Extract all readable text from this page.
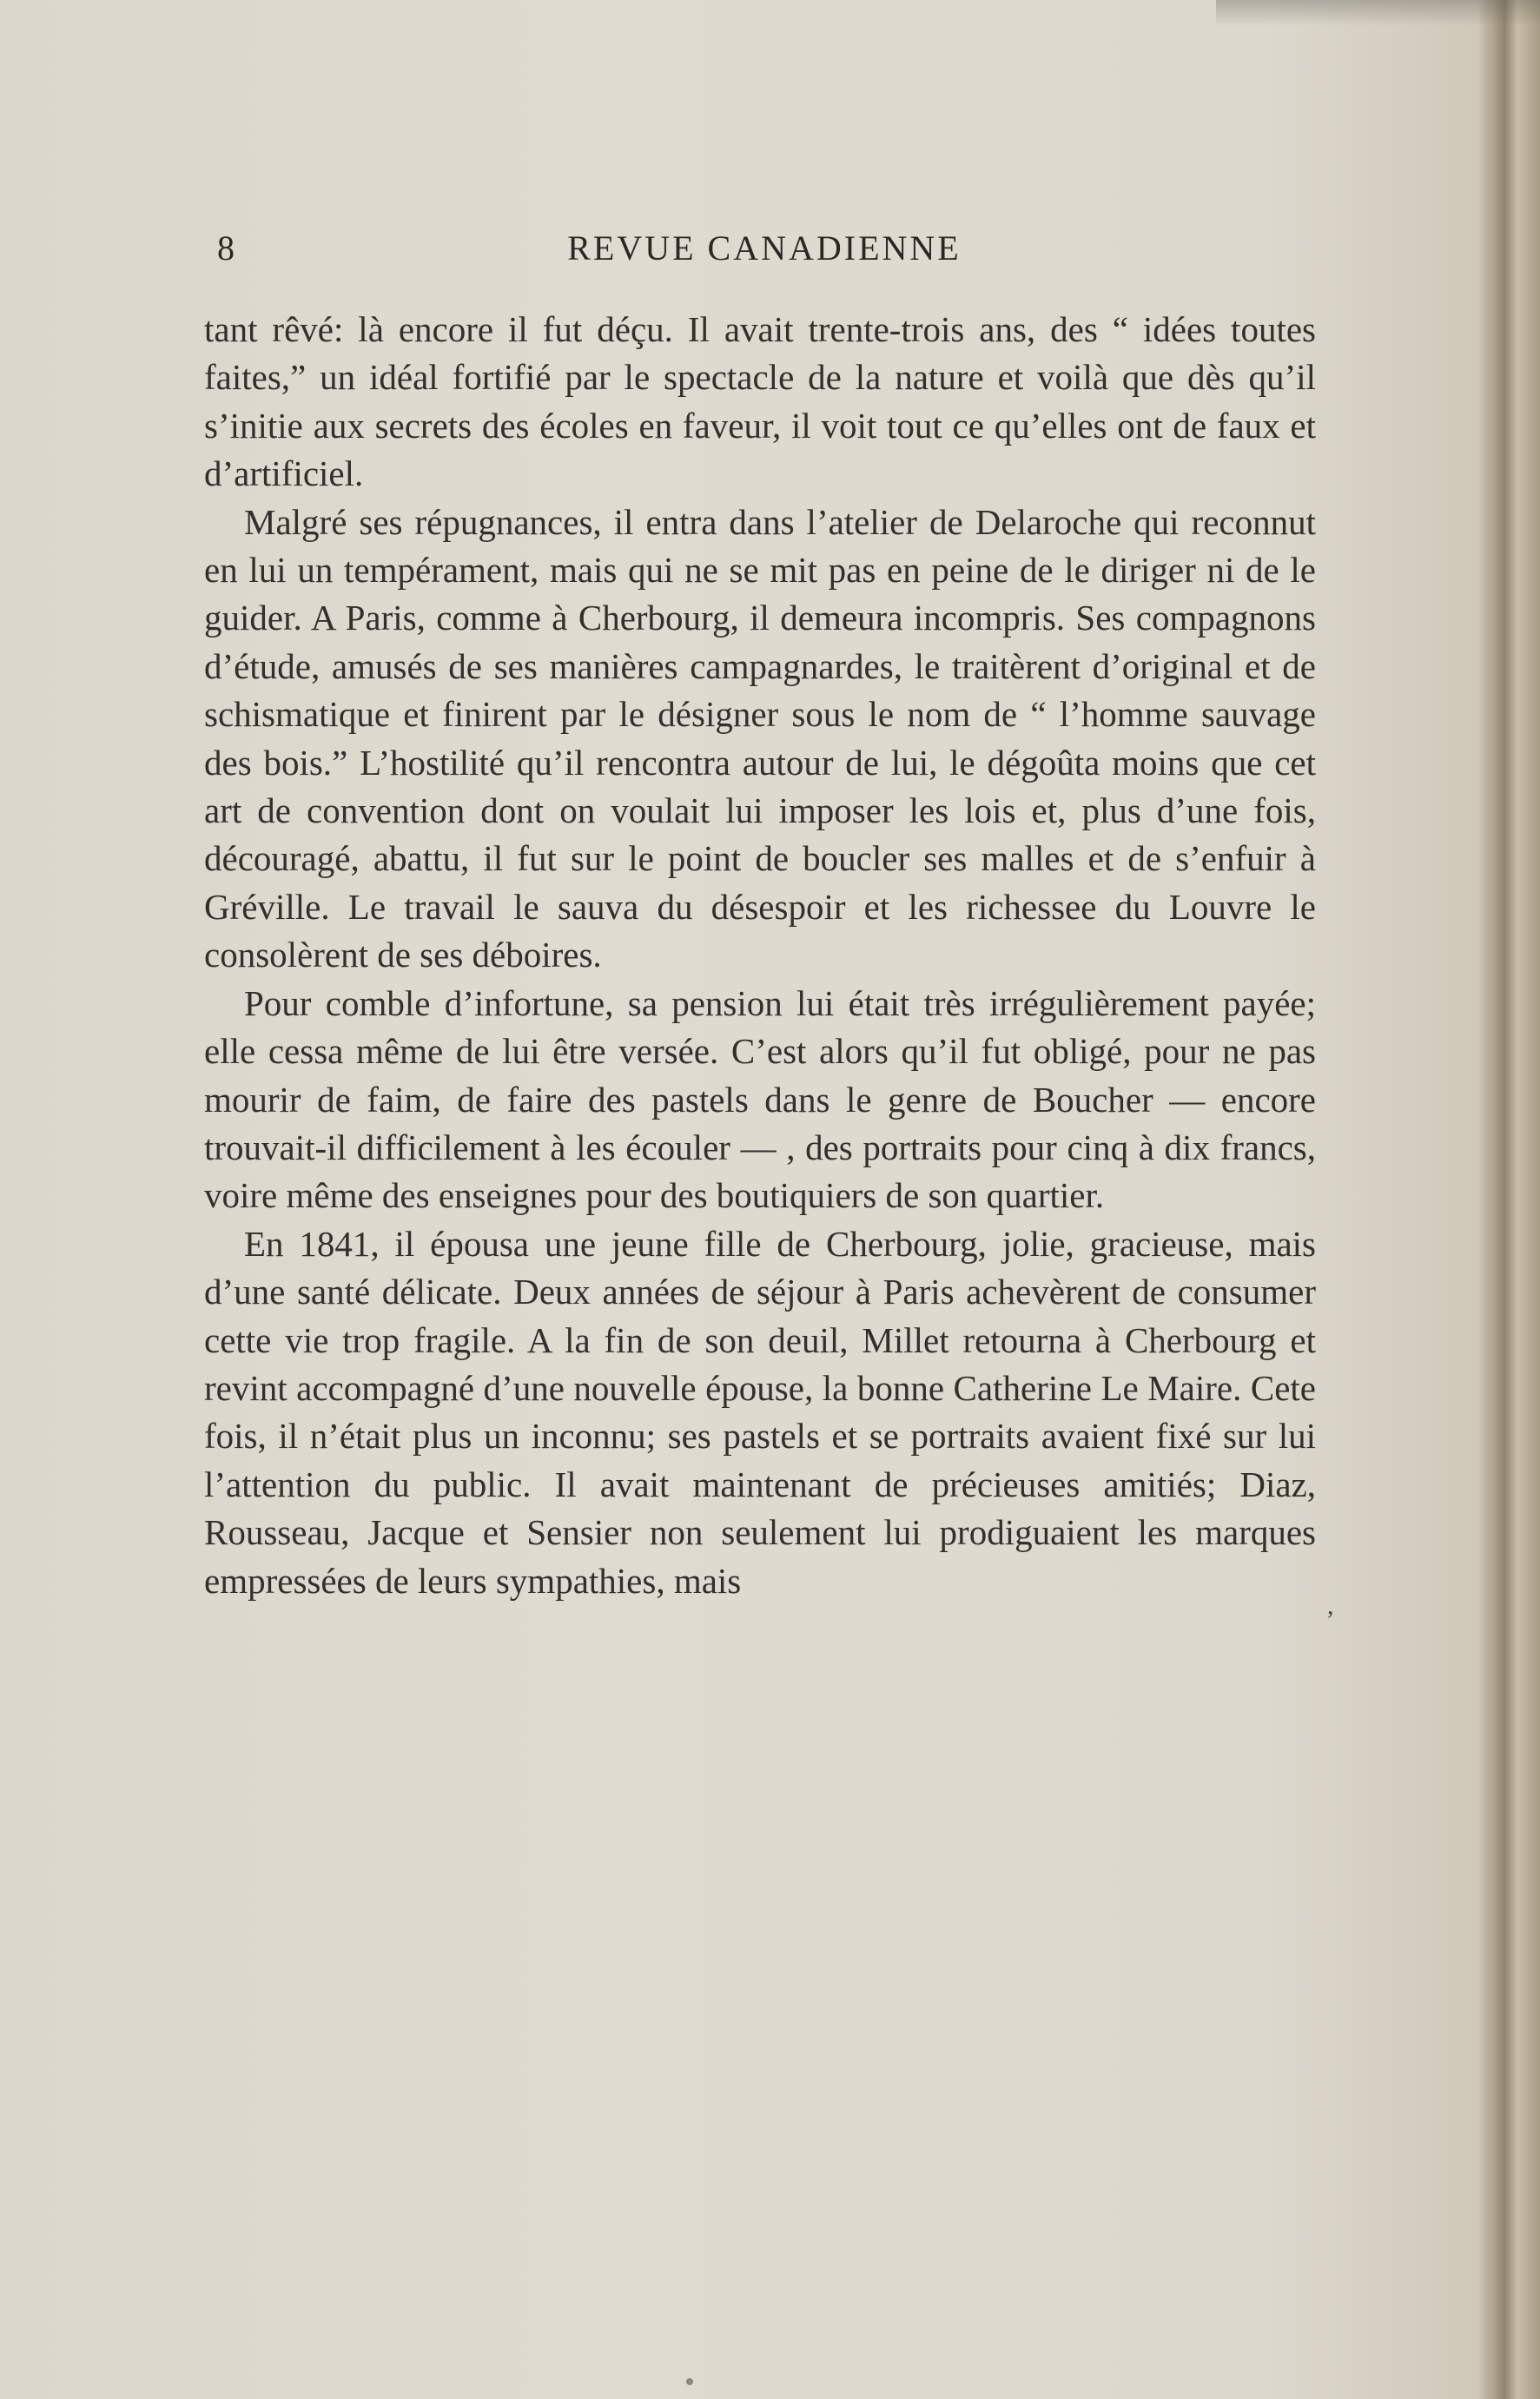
8	REVUE CANADIENNE

tant rêvé: là encore il fut déçu. Il avait trente-trois ans, des “ idées toutes faites,” un idéal fortifié par le spectacle de la nature et voilà que dès qu’il s’initie aux secrets des écoles en faveur, il voit tout ce qu’elles ont de faux et d’artificiel.

Malgré ses répugnances, il entra dans l’atelier de Delaroche qui reconnut en lui un tempérament, mais qui ne se mit pas en peine de le diriger ni de le guider. A Paris, comme à Cherbourg, il demeura incompris. Ses compagnons d’étude, amusés de ses manières campagnardes, le traitèrent d’original et de schismatique et finirent par le désigner sous le nom de “ l’homme sauvage des bois.” L’hostilité qu’il rencontra autour de lui, le dégoûta moins que cet art de convention dont on voulait lui imposer les lois et, plus d’une fois, découragé, abattu, il fut sur le point de boucler ses malles et de s’enfuir à Gréville. Le travail le sauva du désespoir et les richessee du Louvre le consolèrent de ses déboires.

Pour comble d’infortune, sa pension lui était très irrégulièrement payée; elle cessa même de lui être versée. C’est alors qu’il fut obligé, pour ne pas mourir de faim, de faire des pastels dans le genre de Boucher — encore trouvait-il difficilement à les écouler — , des portraits pour cinq à dix francs, voire même des enseignes pour des boutiquiers de son quartier.

En 1841, il épousa une jeune fille de Cherbourg, jolie, gracieuse, mais d’une santé délicate. Deux années de séjour à Paris achevèrent de consumer cette vie trop fragile. A la fin de son deuil, Millet retourna à Cherbourg et revint accompagné d’une nouvelle épouse, la bonne Catherine Le Maire. Cete fois, il n’était plus un inconnu; ses pastels et se portraits avaient fixé sur lui l’attention du public. Il avait maintenant de précieuses amitiés; Diaz, Rousseau, Jacque et Sensier non seulement lui prodiguaient les marques empressées de leurs sympathies, mais

,
